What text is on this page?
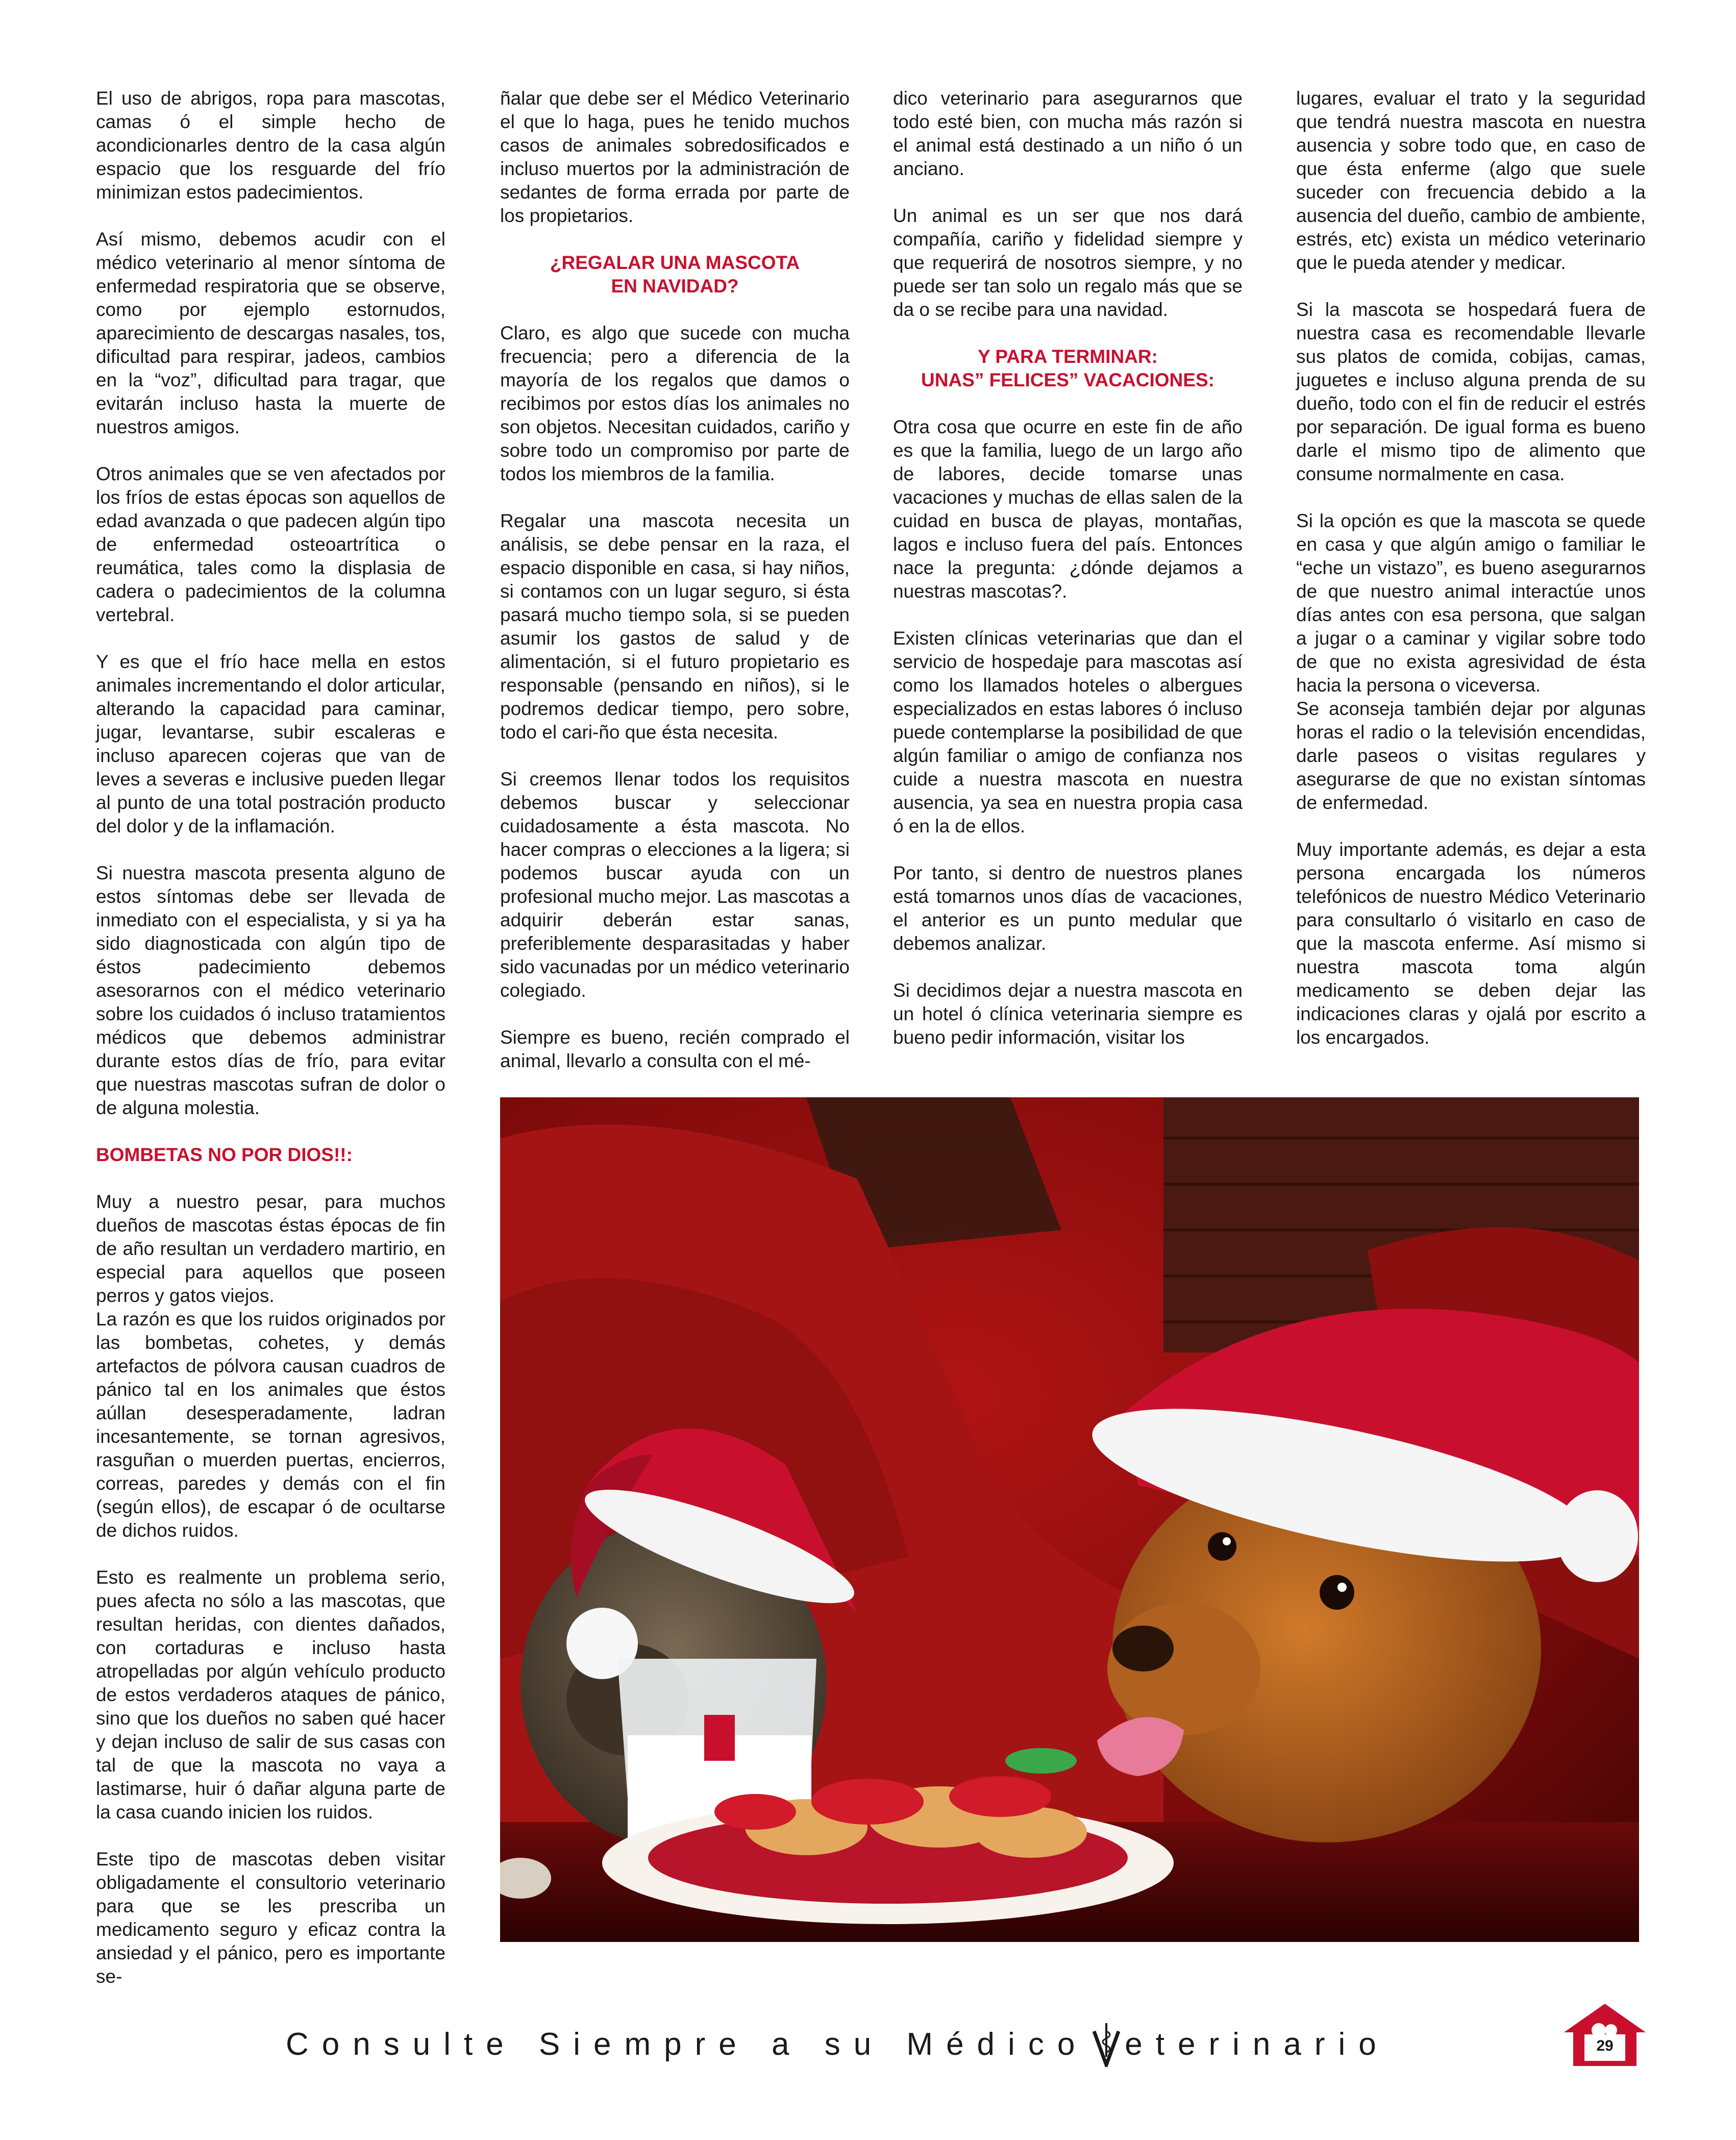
El uso de abrigos, ropa para mascotas, camas ó el simple hecho de acondicionarles dentro de la casa algún espacio que los resguarde del frío minimizan estos padecimientos.

Así mismo, debemos acudir con el médico veterinario al menor síntoma de enfermedad respiratoria que se observe, como por ejemplo estornudos, aparecimiento de descargas nasales, tos, dificultad para respirar, jadeos, cambios en la “voz”, dificultad para tragar, que evitarán incluso hasta la muerte de nuestros amigos.

Otros animales que se ven afectados por los fríos de estas épocas son aquellos de edad avanzada o que padecen algún tipo de enfermedad osteoartrítica o reumática, tales como la displasia de cadera o padecimientos de la columna vertebral.

Y es que el frío hace mella en estos animales incrementando el dolor articular, alterando la capacidad para caminar, jugar, levantarse, subir escaleras e incluso aparecen cojeras que van de leves a severas e inclusive pueden llegar al punto de una total postración producto del dolor y de la inflamación.

Si nuestra mascota presenta alguno de estos síntomas debe ser llevada de inmediato con el especialista, y si ya ha sido diagnosticada con algún tipo de éstos padecimiento debemos asesorarnos con el médico veterinario sobre los cuidados ó incluso tratamientos médicos que debemos administrar durante estos días de frío, para evitar que nuestras mascotas sufran de dolor o de alguna molestia.

BOMBETAS NO POR DIOS!!:

Muy a nuestro pesar, para muchos dueños de mascotas éstas épocas de fin de año resultan un verdadero martirio, en especial para aquellos que poseen perros y gatos viejos.

La razón es que los ruidos originados por las bombetas, cohetes, y demás artefactos de pólvora causan cuadros de pánico tal en los animales que éstos aúllan desesperadamente, ladran incesantemente, se tornan agresivos, rasguñan o muerden puertas, encierros, correas, paredes y demás con el fin (según ellos), de escapar ó de ocultarse de dichos ruidos.

Esto es realmente un problema serio, pues afecta no sólo a las mascotas, que resultan heridas, con dientes dañados, con cortaduras e incluso hasta atropelladas por algún vehículo producto de estos verdaderos ataques de pánico, sino que los dueños no saben qué hacer y dejan incluso de salir de sus casas con tal de que la mascota no vaya a lastimarse, huir ó dañar alguna parte de la casa cuando inicien los ruidos.

Este tipo de mascotas deben visitar obligadamente el consultorio veterinario para que se les prescriba un medicamento seguro y eficaz contra la ansiedad y el pánico, pero es importante se-

ñalar que debe ser el Médico Veterinario el que lo haga, pues he tenido muchos casos de animales sobredosificados e incluso muertos por la administración de sedantes de forma errada por parte de los propietarios.

¿REGALAR UNA MASCOTA
EN NAVIDAD?

Claro, es algo que sucede con mucha frecuencia; pero a diferencia de la mayoría de los regalos que damos o recibimos por estos días los animales no son objetos. Necesitan cuidados, cariño y sobre todo un compromiso por parte de todos los miembros de la familia.

Regalar una mascota necesita un análisis, se debe pensar en la raza, el espacio disponible en casa, si hay niños, si contamos con un lugar seguro, si ésta pasará mucho tiempo sola, si se pueden asumir los gastos de salud y de alimentación, si el futuro propietario es responsable (pensando en niños), si le podremos dedicar tiempo, pero sobre, todo el cari-ño que ésta necesita.

Si creemos llenar todos los requisitos debemos buscar y seleccionar cuidadosamente a ésta mascota. No hacer compras o elecciones a la ligera; si podemos buscar ayuda con un profesional mucho mejor. Las mascotas a adquirir deberán estar sanas, preferiblemente desparasitadas y haber sido vacunadas por un médico veterinario colegiado.

Siempre es bueno, recién comprado el animal, llevarlo a consulta con el mé-

dico veterinario para asegurarnos que todo esté bien, con mucha más razón si el animal está destinado a un niño ó un anciano.

Un animal es un ser que nos dará compañía, cariño y fidelidad siempre y que requerirá de nosotros siempre, y no puede ser tan solo un regalo más que se da o se recibe para una navidad.

Y PARA TERMINAR:
UNAS” FELICES” VACACIONES:

Otra cosa que ocurre en este fin de año es que la familia, luego de un largo año de labores, decide tomarse unas vacaciones y muchas de ellas salen de la cuidad en busca de playas, montañas, lagos e incluso fuera del país. Entonces nace la pregunta: ¿dónde dejamos a nuestras mascotas?.

Existen clínicas veterinarias que dan el servicio de hospedaje para mascotas así como los llamados hoteles o albergues especializados en estas labores ó incluso puede contemplarse la posibilidad de que algún familiar o amigo de confianza nos cuide a nuestra mascota en nuestra ausencia, ya sea en nuestra propia casa ó en la de ellos.

Por tanto, si dentro de nuestros planes está tomarnos unos días de vacaciones, el anterior es un punto medular que debemos analizar.

Si decidimos dejar a nuestra mascota en un hotel ó clínica veterinaria siempre es bueno pedir información, visitar los

lugares, evaluar el trato y la seguridad que tendrá nuestra mascota en nuestra ausencia y sobre todo que, en caso de que ésta enferme (algo que suele suceder con frecuencia debido a la ausencia del dueño, cambio de ambiente, estrés, etc) exista un médico veterinario que le pueda atender y medicar.

Si la mascota se hospedará fuera de nuestra casa es recomendable llevarle sus platos de comida, cobijas, camas, juguetes e incluso alguna prenda de su dueño, todo con el fin de reducir el estrés por separación. De igual forma es bueno darle el mismo tipo de alimento que consume normalmente en casa.

Si la opción es que la mascota se quede en casa y que algún amigo o familiar le “eche un vistazo”, es bueno asegurarnos de que nuestro animal interactúe unos días antes con esa persona, que salgan a jugar o a caminar y vigilar sobre todo de que no exista agresividad de ésta hacia la persona o viceversa.

Se aconseja también dejar por algunas horas el radio o la televisión encendidas, darle paseos o visitas regulares y asegurarse de que no existan síntomas de enfermedad.

Muy importante además, es dejar a esta persona encargada los números telefónicos de nuestro Médico Veterinario para consultarlo ó visitarlo en caso de que la mascota enferme. Así mismo si nuestra mascota toma algún medicamento se deben dejar las indicaciones claras y ojalá por escrito a los encargados.

Consulte Siempre a su Médico eterinario	29
